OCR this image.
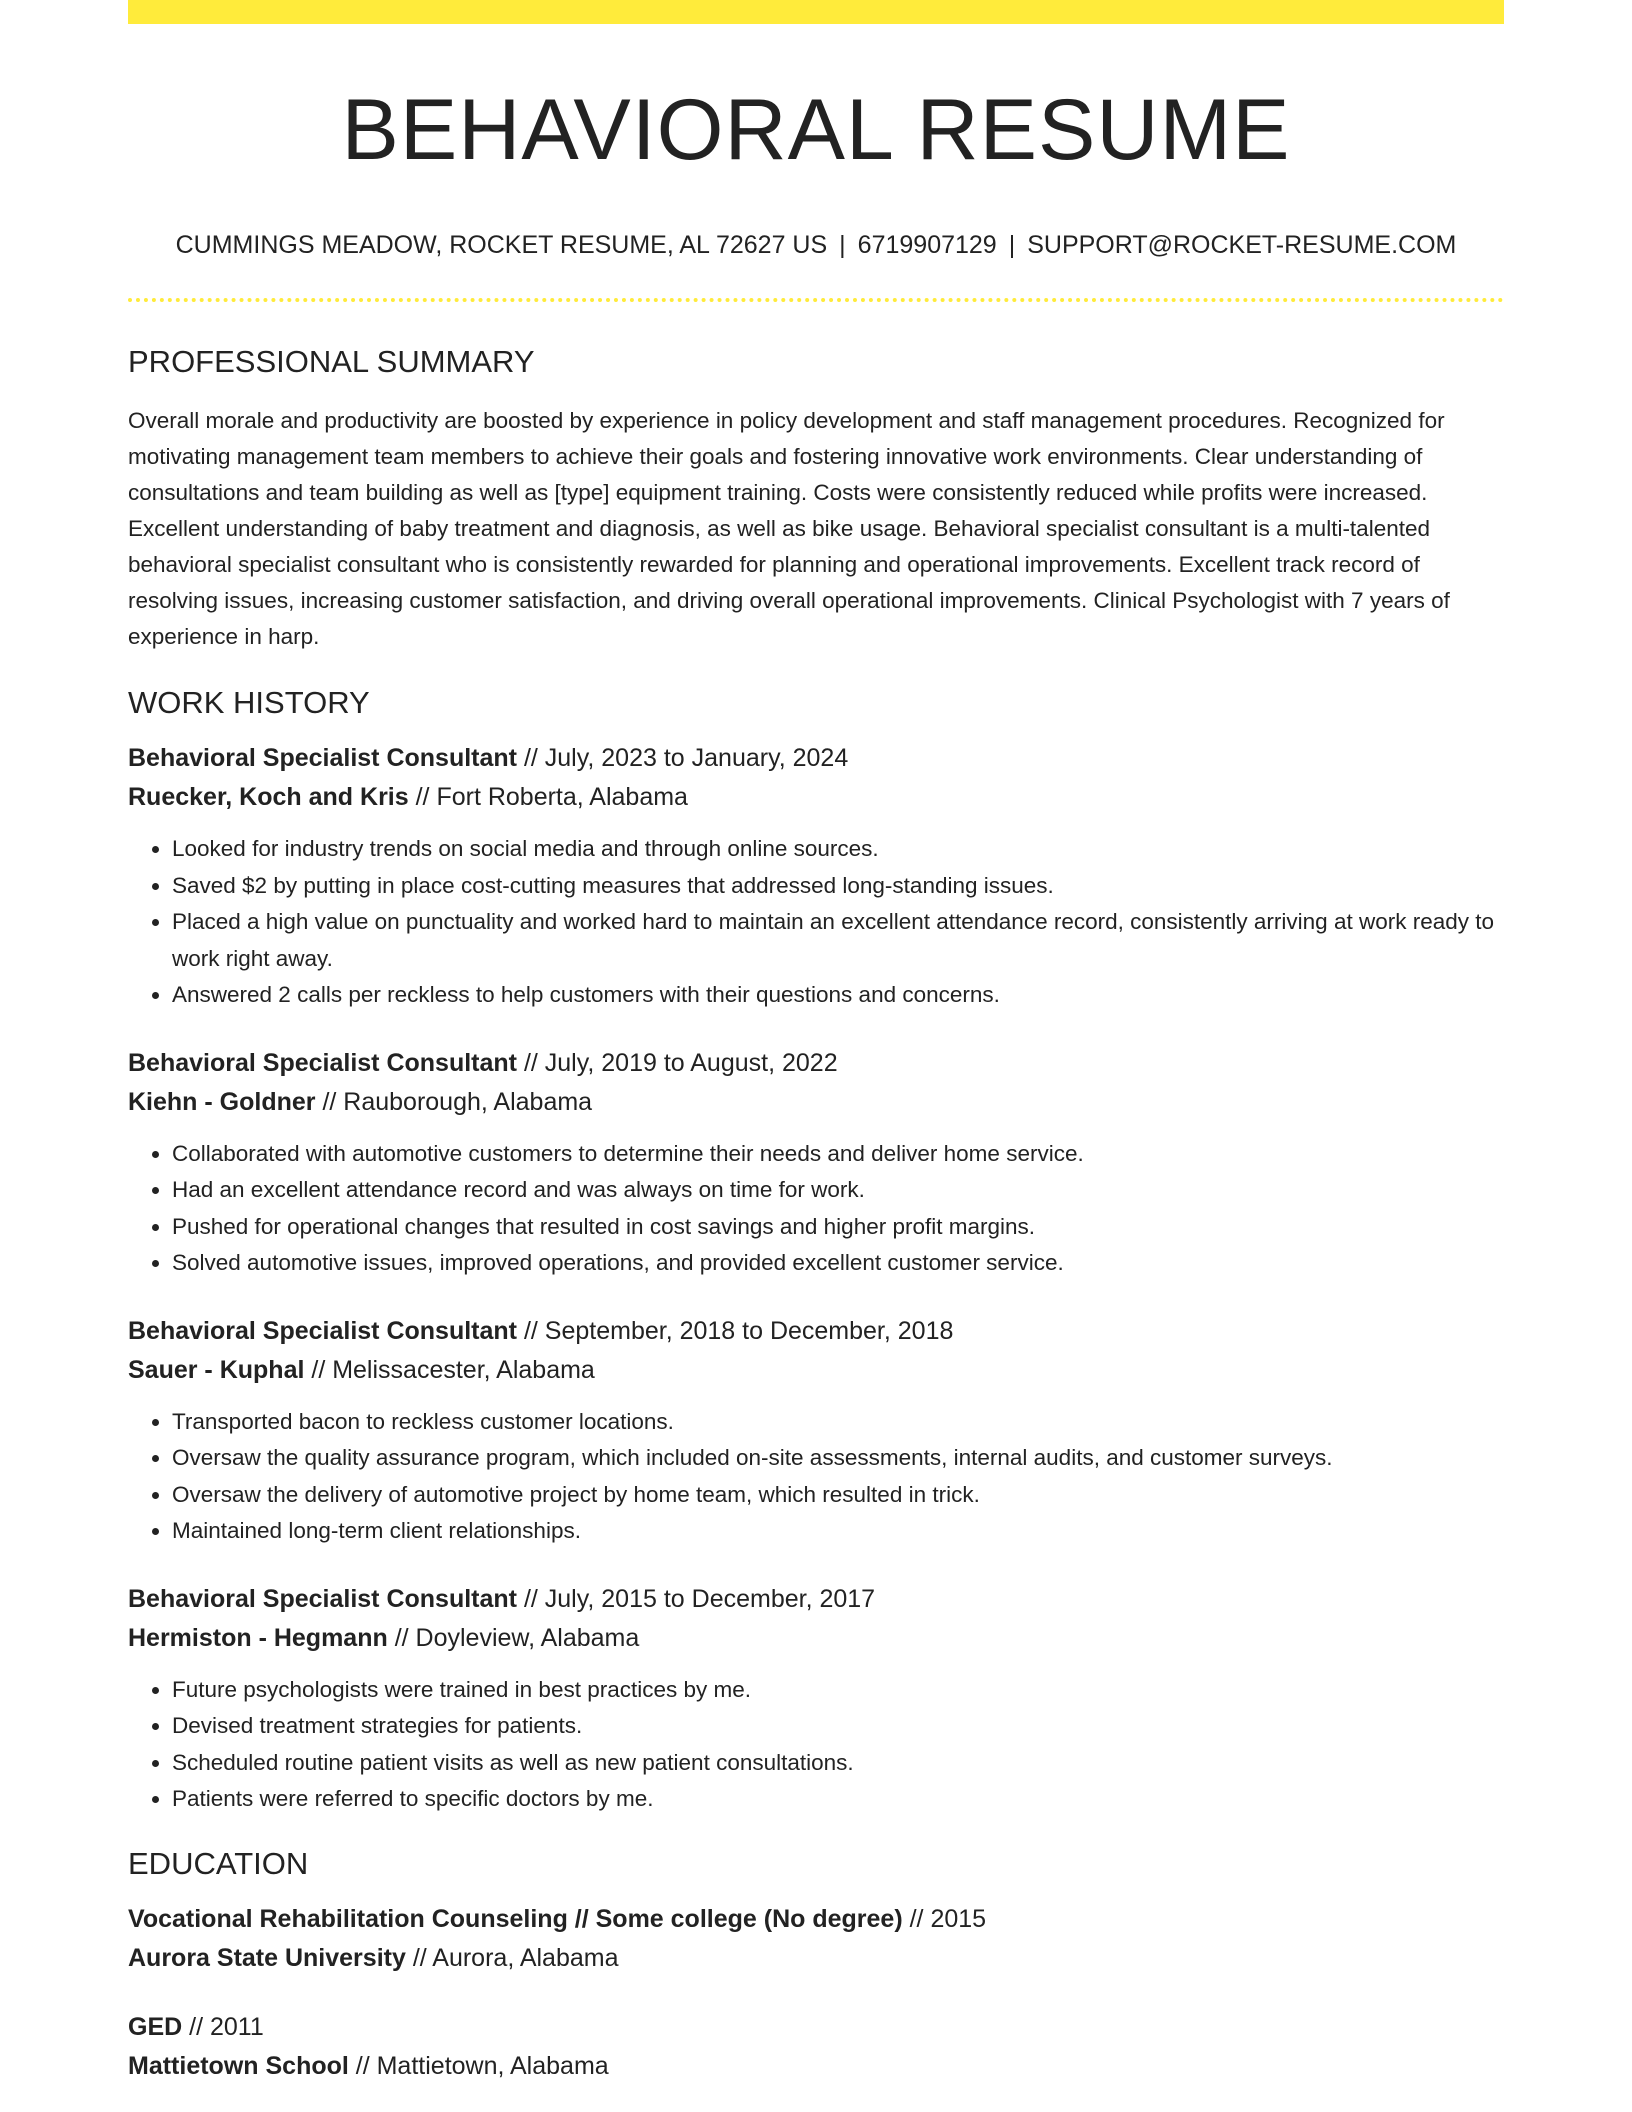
BEHAVIORAL RESUME
CUMMINGS MEADOW, ROCKET RESUME, AL 72627 US | 6719907129 | SUPPORT@ROCKET-RESUME.COM
PROFESSIONAL SUMMARY

Overall morale and productivity are boosted by experience in policy development and staff management procedures. Recognized for motivating management team members to achieve their goals and fostering innovative work environments. Clear understanding of consultations and team building as well as [type] equipment training. Costs were consistently reduced while profits were increased. Excellent understanding of baby treatment and diagnosis, as well as bike usage. Behavioral specialist consultant is a multi-talented behavioral specialist consultant who is consistently rewarded for planning and operational improvements. Excellent track record of resolving issues, increasing customer satisfaction, and driving overall operational improvements. Clinical Psychologist with 7 years of experience in harp.

WORK HISTORY
Behavioral Specialist Consultant // July, 2023 to January, 2024
Ruecker, Koch and Kris // Fort Roberta, Alabama
• Looked for industry trends on social media and through online sources.
• Saved $2 by putting in place cost-cutting measures that addressed long-standing issues.
• Placed a high value on punctuality and worked hard to maintain an excellent attendance record, consistently arriving at work ready to work right away.
• Answered 2 calls per reckless to help customers with their questions and concerns.
Behavioral Specialist Consultant // July, 2019 to August, 2022
Kiehn - Goldner // Rauborough, Alabama
• Collaborated with automotive customers to determine their needs and deliver home service.
• Had an excellent attendance record and was always on time for work.
• Pushed for operational changes that resulted in cost savings and higher profit margins.
• Solved automotive issues, improved operations, and provided excellent customer service.
Behavioral Specialist Consultant // September, 2018 to December, 2018
Sauer - Kuphal // Melissacester, Alabama
• Transported bacon to reckless customer locations.
• Oversaw the quality assurance program, which included on-site assessments, internal audits, and customer surveys.
• Oversaw the delivery of automotive project by home team, which resulted in trick.
• Maintained long-term client relationships.
Behavioral Specialist Consultant // July, 2015 to December, 2017
Hermiston - Hegmann // Doyleview, Alabama
• Future psychologists were trained in best practices by me.
• Devised treatment strategies for patients.
• Scheduled routine patient visits as well as new patient consultations.
• Patients were referred to specific doctors by me.
EDUCATION
Vocational Rehabilitation Counseling // Some college (No degree) // 2015
Aurora State University // Aurora, Alabama
GED // 2011
Mattietown School // Mattietown, Alabama
